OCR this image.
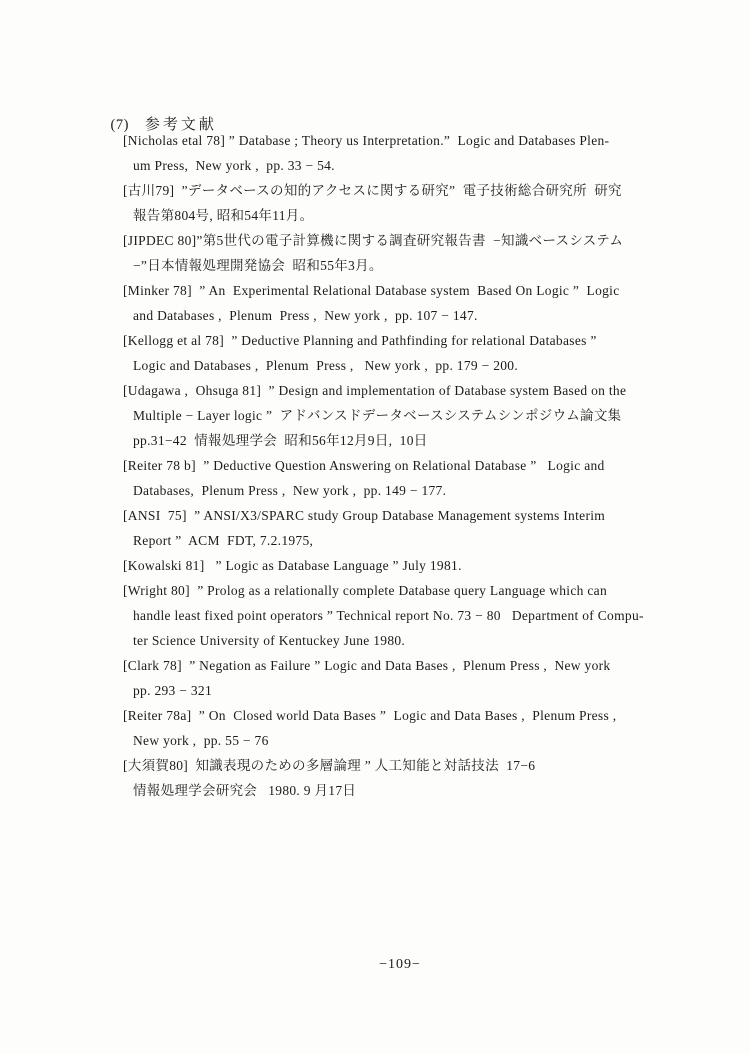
(7) 参考文献

[Nicholas etal 78] ” Database ; Theory us Interpretation.”  Logic and Databases Plen-
um Press,  New york ,  pp. 33 − 54.
[古川79]  ”データベースの知的アクセスに関する研究”  電子技術総合研究所  研究
報告第804号, 昭和54年11月。
[JIPDEC 80]”第5世代の電子計算機に関する調査研究報告書  −知識ベースシステム
−”日本情報処理開発協会  昭和55年3月。
[Minker 78]  ” An  Experimental Relational Database system  Based On Logic ”  Logic
and Databases ,  Plenum  Press ,  New york ,  pp. 107 − 147.
[Kellogg et al 78]  ” Deductive Planning and Pathfinding for relational Databases ”
Logic and Databases ,  Plenum  Press ,   New york ,  pp. 179 − 200.
[Udagawa ,  Ohsuga 81]  ” Design and implementation of Database system Based on the
Multiple − Layer logic ”  アドバンスドデータベースシステムシンポジウム論文集
pp.31−42  情報処理学会  昭和56年12月9日,  10日
[Reiter 78 b]  ” Deductive Question Answering on Relational Database ”   Logic and
Databases,  Plenum Press ,  New york ,  pp. 149 − 177.
[ANSI  75]  ” ANSI/X3/SPARC study Group Database Management systems Interim
Report ”  ACM  FDT, 7.2.1975,
[Kowalski 81]   ” Logic as Database Language ” July 1981.
[Wright 80]  ” Prolog as a relationally complete Database query Language which can
handle least fixed point operators ” Technical report No. 73 − 80   Department of Compu-
ter Science University of Kentuckey June 1980.
[Clark 78]  ” Negation as Failure ” Logic and Data Bases ,  Plenum Press ,  New york
pp. 293 − 321
[Reiter 78a]  ” On  Closed world Data Bases ”  Logic and Data Bases ,  Plenum Press ,
New york ,  pp. 55 − 76
[大須賀80]  知識表現のための多層論理 ” 人工知能と対話技法  17−6
情報処理学会研究会   1980. 9 月17日
−109−
